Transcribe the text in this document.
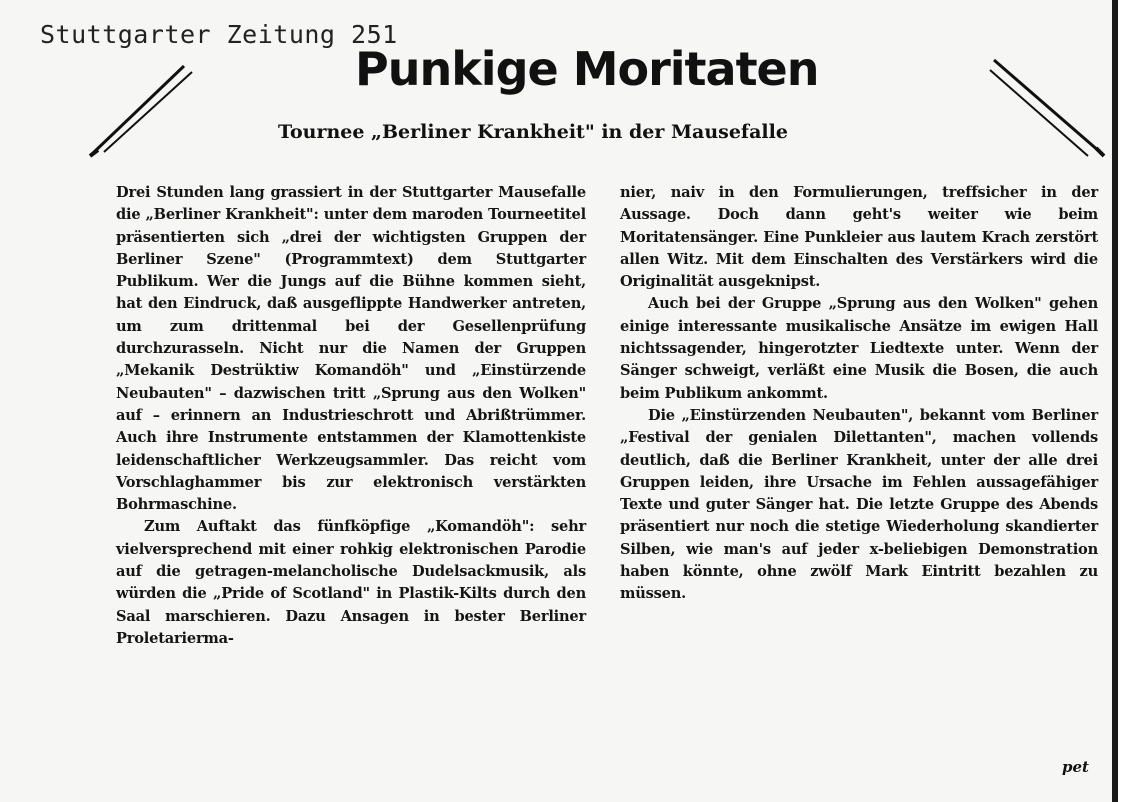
Stuttgarter Zeitung 251
Punkige Moritaten
Tournee „Berliner Krankheit" in der Mausefalle

Drei Stunden lang grassiert in der Stuttgarter Mausefalle die „Berliner Krankheit": unter dem maroden Tourneetitel präsentierten sich „drei der wichtigsten Gruppen der Berliner Szene" (Programmtext) dem Stuttgarter Publikum. Wer die Jungs auf die Bühne kommen sieht, hat den Eindruck, daß ausgeflippte Handwerker antreten, um zum drittenmal bei der Gesellenprüfung durchzurasseln. Nicht nur die Namen der Gruppen „Mekanik Destrüktiw Komandöh" und „Einstürzende Neubauten" – dazwischen tritt „Sprung aus den Wolken" auf – erinnern an Industrieschrott und Abrißtrümmer. Auch ihre Instrumente entstammen der Klamottenkiste leidenschaftlicher Werkzeugsammler. Das reicht vom Vorschlaghammer bis zur elektronisch verstärkten Bohrmaschine.

Zum Auftakt das fünfköpfige „Komandöh": sehr vielversprechend mit einer rohkig elektronischen Parodie auf die getragen-melancholische Dudelsackmusik, als würden die „Pride of Scotland" in Plastik-Kilts durch den Saal marschieren. Dazu Ansagen in bester Berliner Proletarierma-

nier, naiv in den Formulierungen, treffsicher in der Aussage. Doch dann geht's weiter wie beim Moritatensänger. Eine Punkleier aus lautem Krach zerstört allen Witz. Mit dem Einschalten des Verstärkers wird die Originalität ausgeknipst.

Auch bei der Gruppe „Sprung aus den Wolken" gehen einige interessante musikalische Ansätze im ewigen Hall nichtssagender, hingerotzter Liedtexte unter. Wenn der Sänger schweigt, verläßt eine Musik die Bosen, die auch beim Publikum ankommt.

Die „Einstürzenden Neubauten", bekannt vom Berliner „Festival der genialen Dilettanten", machen vollends deutlich, daß die Berliner Krankheit, unter der alle drei Gruppen leiden, ihre Ursache im Fehlen aussagefähiger Texte und guter Sänger hat. Die letzte Gruppe des Abends präsentiert nur noch die stetige Wiederholung skandierter Silben, wie man's auf jeder x-beliebigen Demonstration haben könnte, ohne zwölf Mark Eintritt bezahlen zu müssen.

pet
